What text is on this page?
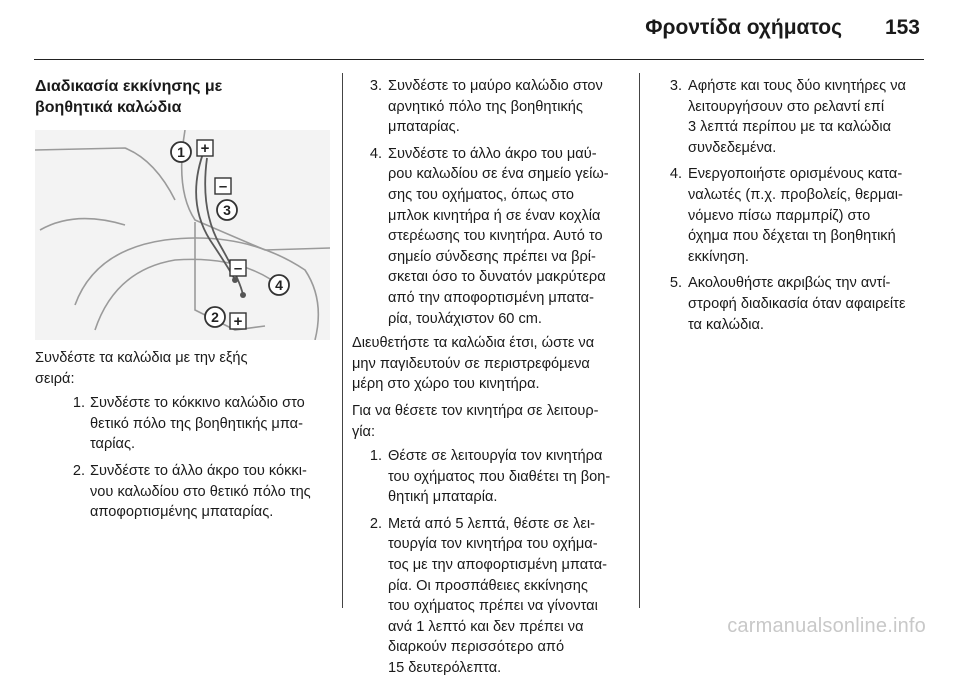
Φροντίδα οχήματος 153
Διαδικασία εκκίνησης με
βοηθητικά καλώδια
+
–
–
+
1
2
3
4

Συνδέστε τα καλώδια με την εξής
σειρά:

1. Συνδέστε το κόκκινο καλώδιο στο
θετικό πόλο της βοηθητικής μπα-
ταρίας.
2. Συνδέστε το άλλο άκρο του κόκκι-
νου καλωδίου στο θετικό πόλο της
αποφορτισμένης μπαταρίας.
3. Συνδέστε το μαύρο καλώδιο στον
αρνητικό πόλο της βοηθητικής
μπαταρίας.
4. Συνδέστε το άλλο άκρο του μαύ-
ρου καλωδίου σε ένα σημείο γείω-
σης του οχήματος, όπως στο
μπλοκ κινητήρα ή σε έναν κοχλία
στερέωσης του κινητήρα. Αυτό το
σημείο σύνδεσης πρέπει να βρί-
σκεται όσο το δυνατόν μακρύτερα
από την αποφορτισμένη μπατα-
ρία, τουλάχιστον 60 cm.

Διευθετήστε τα καλώδια έτσι, ώστε να
μην παγιδευτούν σε περιστρεφόμενα
μέρη στο χώρο του κινητήρα.

Για να θέσετε τον κινητήρα σε λειτουρ-
γία:

1. Θέστε σε λειτουργία τον κινητήρα
του οχήματος που διαθέτει τη βοη-
θητική μπαταρία.
2. Μετά από 5 λεπτά, θέστε σε λει-
τουργία τον κινητήρα του οχήμα-
τος με την αποφορτισμένη μπατα-
ρία. Οι προσπάθειες εκκίνησης
του οχήματος πρέπει να γίνονται
ανά 1 λεπτό και δεν πρέπει να
διαρκούν περισσότερο από
15 δευτερόλεπτα.
3. Αφήστε και τους δύο κινητήρες να
λειτουργήσουν στο ρελαντί επί
3 λεπτά περίπου με τα καλώδια
συνδεδεμένα.
4. Ενεργοποιήστε ορισμένους κατα-
ναλωτές (π.χ. προβολείς, θερμαι-
νόμενο πίσω παρμπρίζ) στο
όχημα που δέχεται τη βοηθητική
εκκίνηση.
5. Ακολουθήστε ακριβώς την αντί-
στροφή διαδικασία όταν αφαιρείτε
τα καλώδια.
carmanualsonline.info
